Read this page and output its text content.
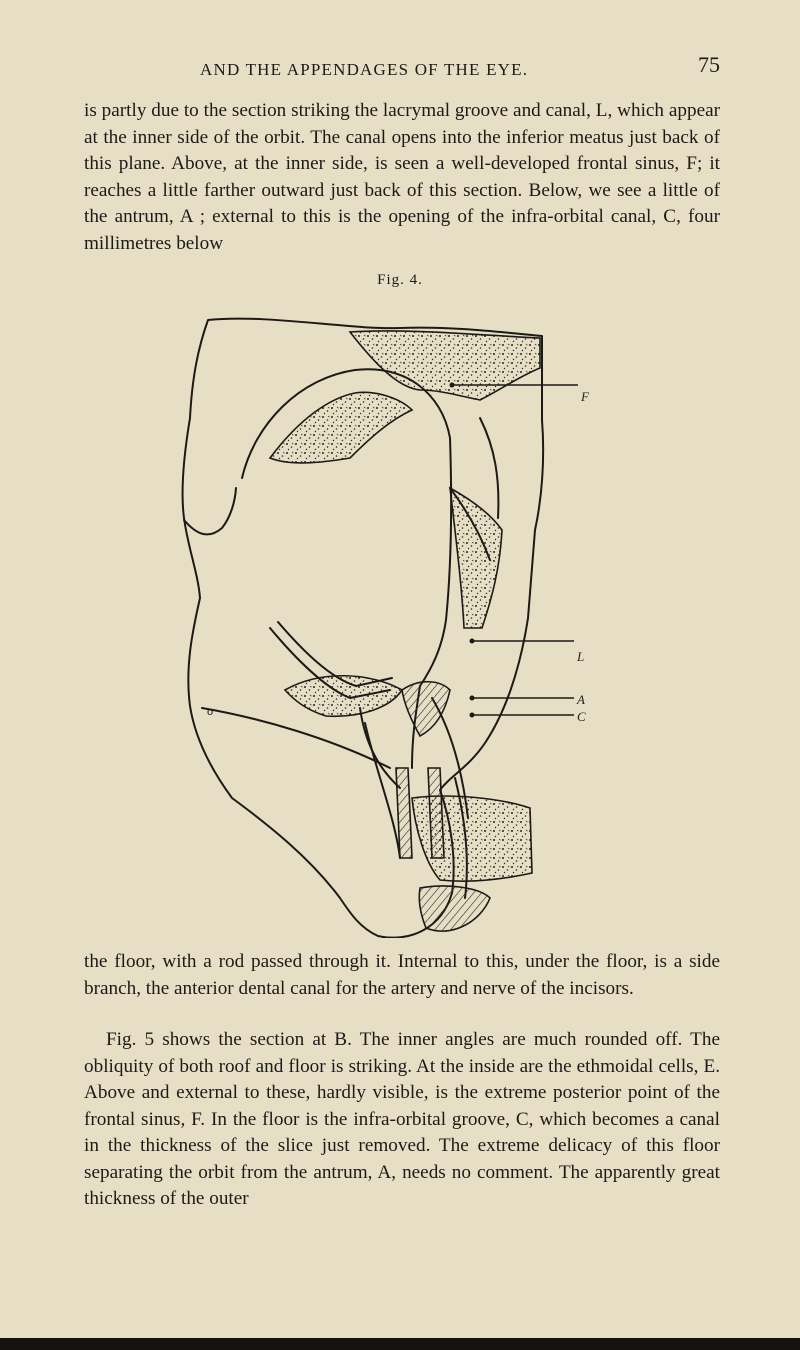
AND THE APPENDAGES OF THE EYE.	75

is partly due to the section striking the lacrymal groove and canal, L, which appear at the inner side of the orbit. The canal opens into the inferior meatus just back of this plane. Above, at the inner side, is seen a well-developed frontal sinus, F; it reaches a little farther outward just back of this section. Below, we see a little of the antrum, A ; external to this is the opening of the infra-orbital canal, C, four millimetres below

Fig. 4.
o
F
L
A
C

the floor, with a rod passed through it. Internal to this, under the floor, is a side branch, the anterior dental canal for the artery and nerve of the incisors.

Fig. 5 shows the section at B. The inner angles are much rounded off. The obliquity of both roof and floor is striking. At the inside are the ethmoidal cells, E. Above and external to these, hardly visible, is the extreme posterior point of the frontal sinus, F. In the floor is the infra-orbital groove, C, which becomes a canal in the thickness of the slice just removed. The extreme delicacy of this floor separating the orbit from the antrum, A, needs no comment. The apparently great thickness of the outer
